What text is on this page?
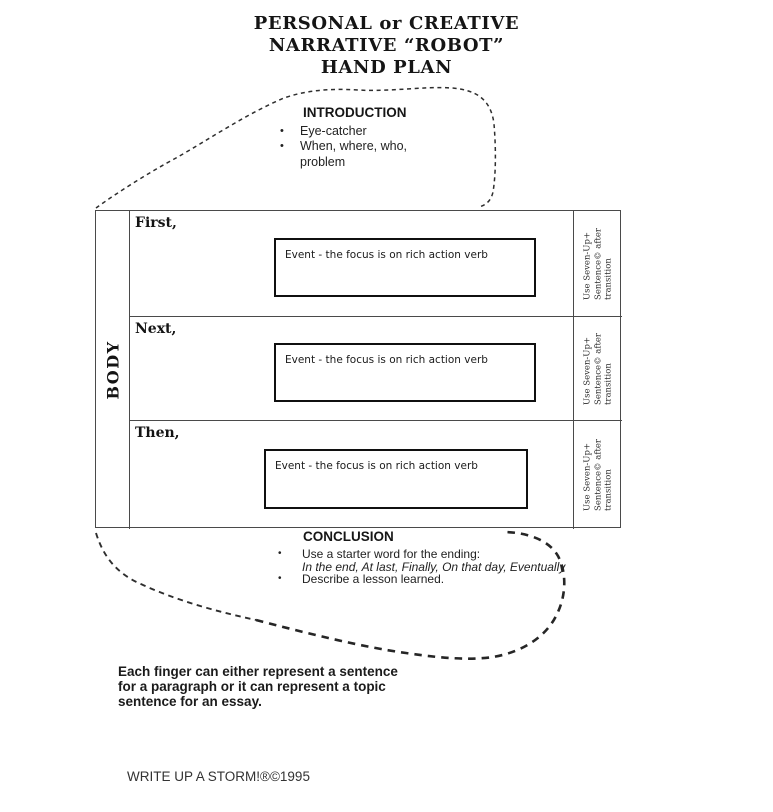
PERSONAL or CREATIVE
NARRATIVE “ROBOT”
HAND PLAN
INTRODUCTION
•	Eye-catcher
•	When, where, who,
problem
BODY
First,
Event - the focus is on rich action verb	Use Seven-Up+ Sentence© after transition
Next,
Event - the focus is on rich action verb	Use Seven-Up+ Sentence© after transition
Then,
Event - the focus is on rich action verb	Use Seven-Up+ Sentence© after transition
CONCLUSION
•	Use a starter word for the ending:
In the end, At last, Finally, On that day, Eventually
•	Describe a lesson learned.
Each finger can either represent a sentence
for a paragraph or it can represent a topic
sentence for an essay.
WRITE UP A STORM!®©1995
